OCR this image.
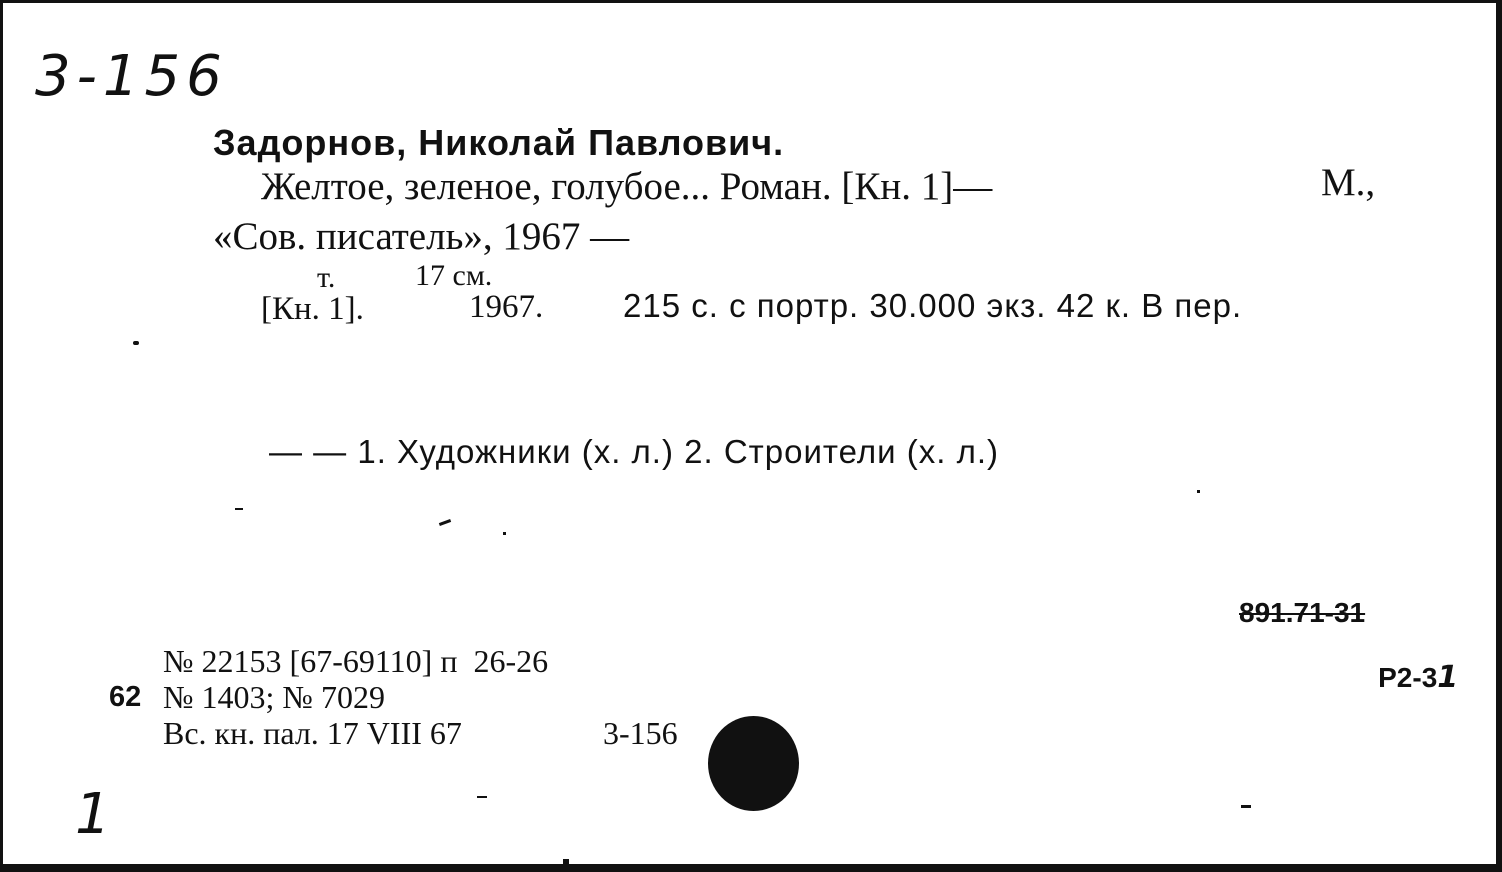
3-156
Задорнов, Николай Павлович.
Желтое, зеленое, голубое... Роман. [Кн. 1]—	М.,
«Сов. писатель», 1967 —
т.	17 см.
[Кн. 1].	1967. 215 с. с портр. 30.000 экз. 42 к. В пер.
— — 1. Художники (х. л.) 2. Строители (х. л.)
891.71-31

Р2-31

№ 22153 [67-69110] п  26-26
62 № 1403; № 7029
Вс. кн. пал. 17 VIII 67	3-156
1
